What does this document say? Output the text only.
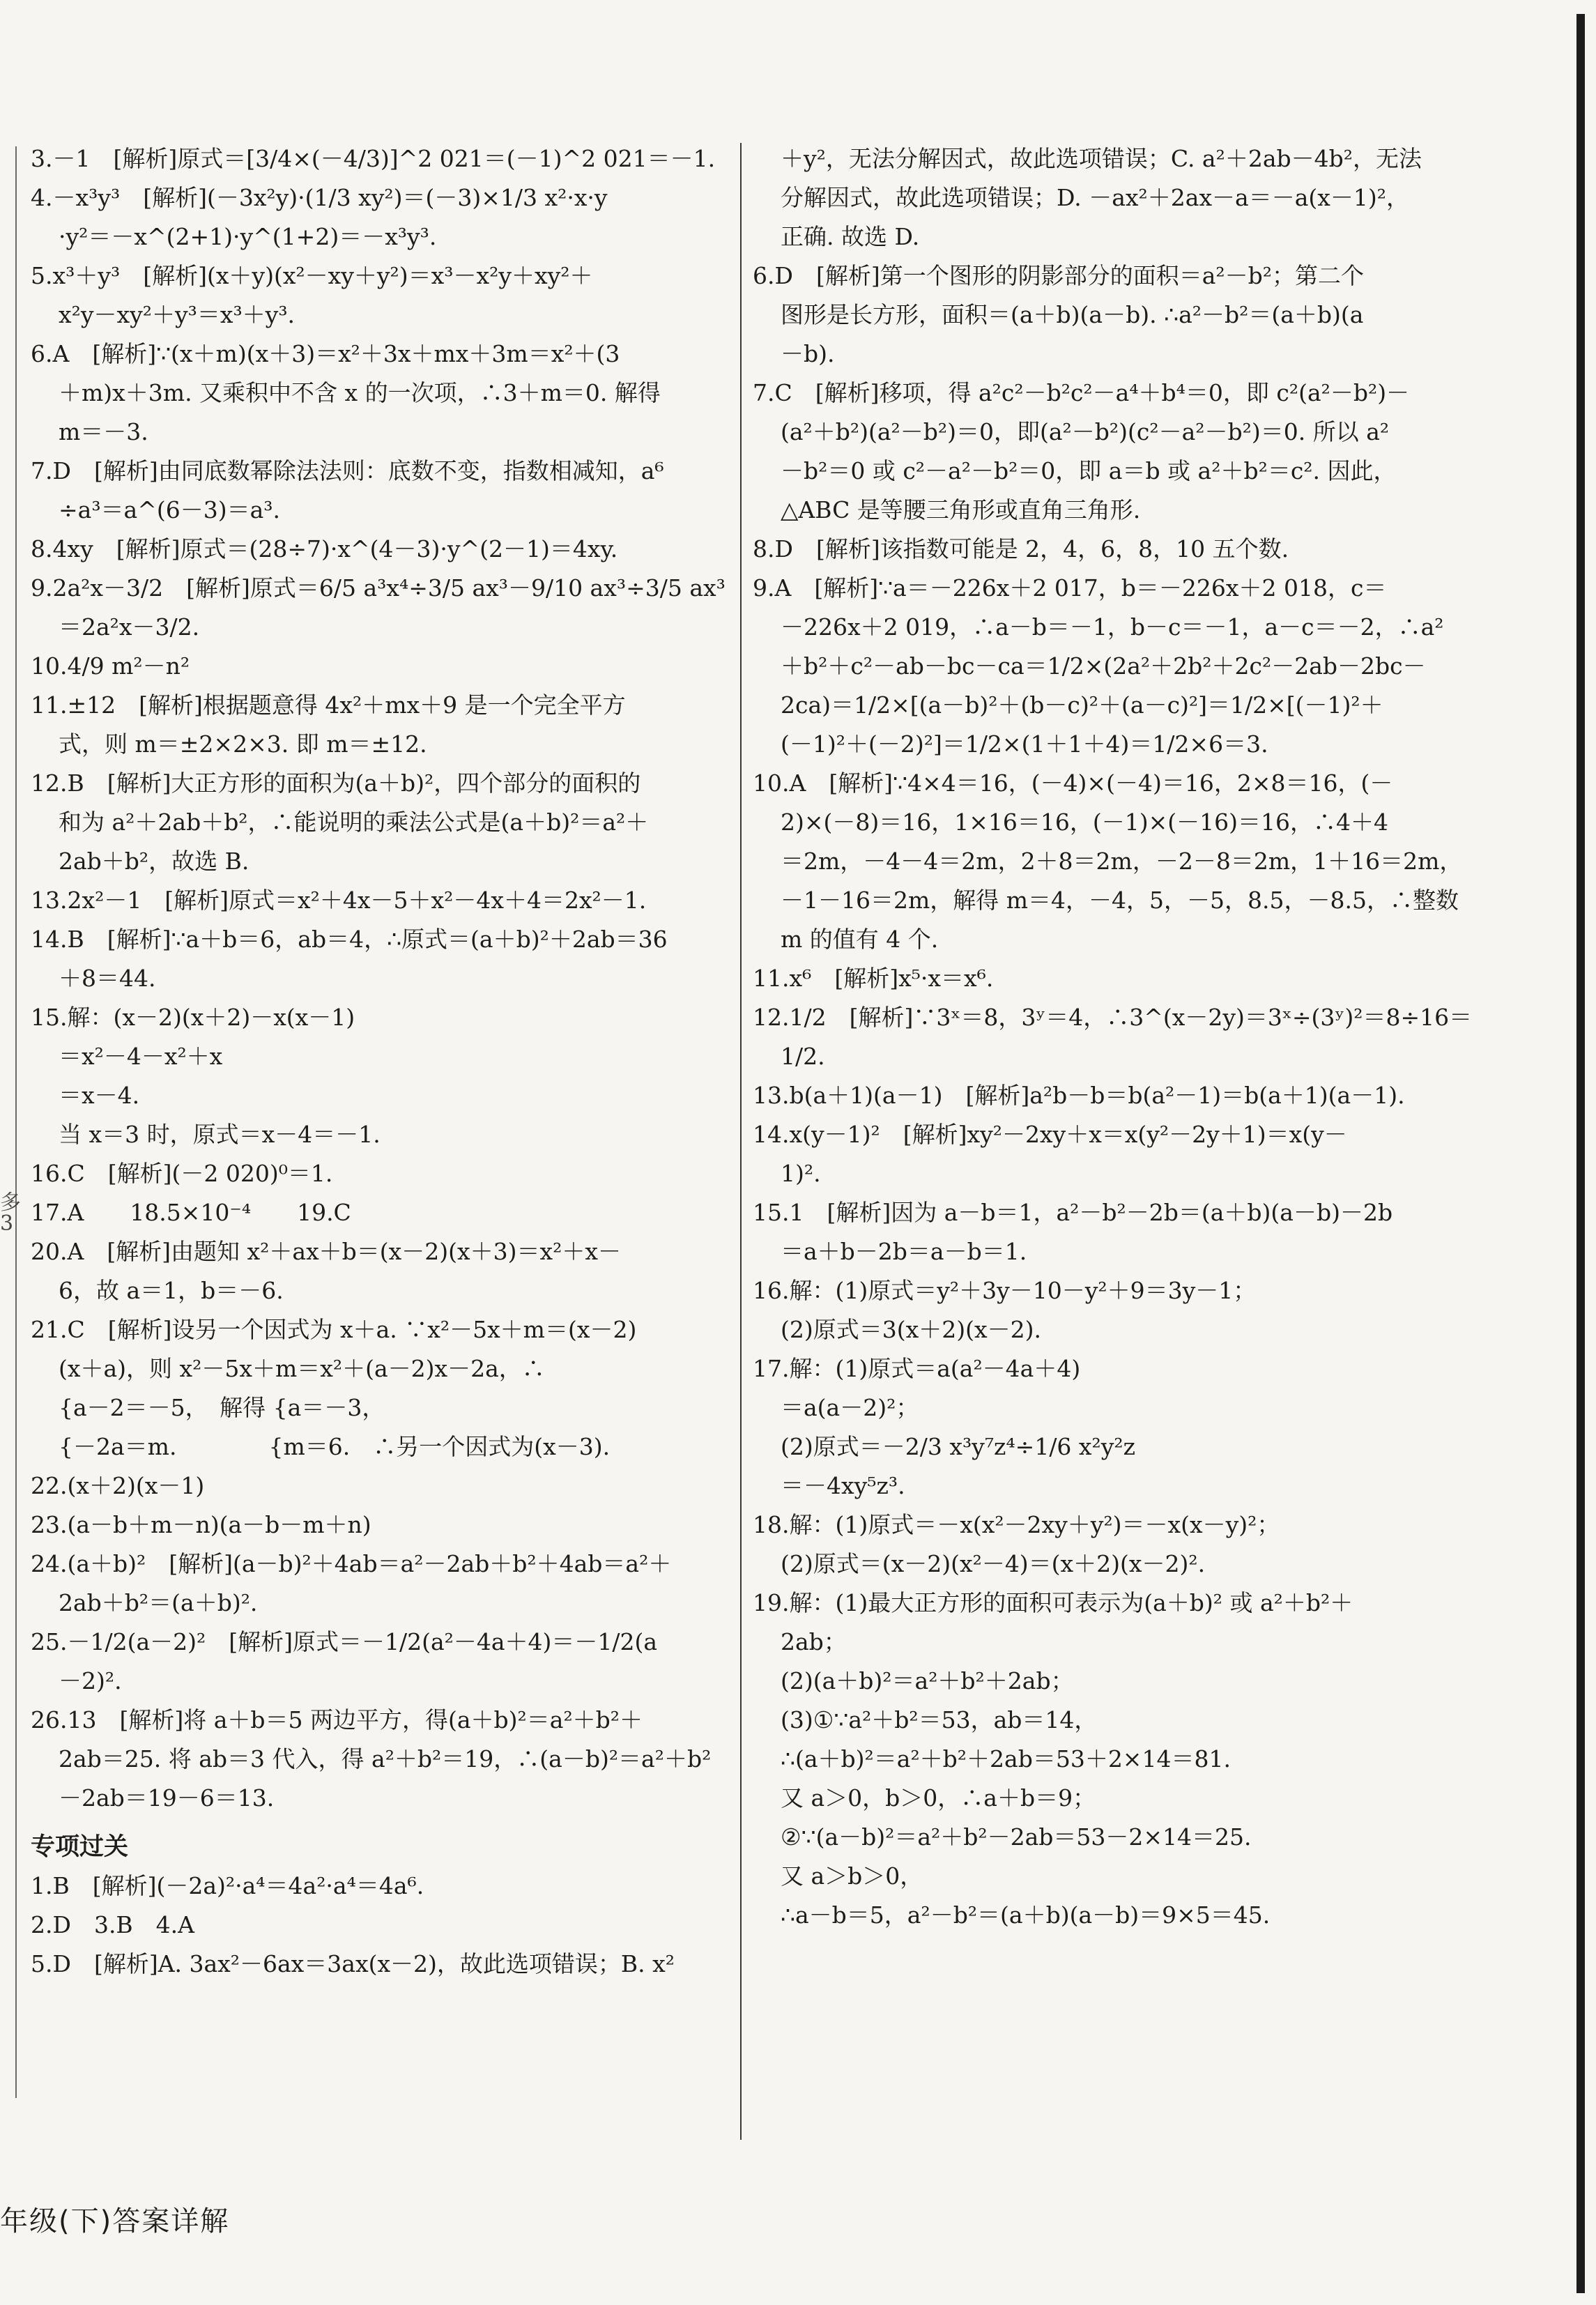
多
3
3.－1　[解析]原式＝[3/4×(－4/3)]^2 021＝(－1)^2 021＝－1.
4.－x³y³　[解析](－3x²y)·(1/3 xy²)＝(－3)×1/3 x²·x·y
·y²＝－x^(2+1)·y^(1+2)＝－x³y³.
5.x³＋y³　[解析](x＋y)(x²－xy＋y²)＝x³－x²y＋xy²＋
x²y－xy²＋y³＝x³＋y³.
6.A　[解析]∵(x＋m)(x＋3)＝x²＋3x＋mx＋3m＝x²＋(3
＋m)x＋3m. 又乘积中不含 x 的一次项，∴3＋m＝0. 解得
m＝－3.
7.D　[解析]由同底数幂除法法则：底数不变，指数相减知，a⁶
÷a³＝a^(6－3)＝a³.
8.4xy　[解析]原式＝(28÷7)·x^(4－3)·y^(2－1)＝4xy.
9.2a²x－3/2　[解析]原式＝6/5 a³x⁴÷3/5 ax³－9/10 ax³÷3/5 ax³
＝2a²x－3/2.
10.4/9 m²－n²
11.±12　[解析]根据题意得 4x²＋mx＋9 是一个完全平方
式，则 m＝±2×2×3. 即 m＝±12.
12.B　[解析]大正方形的面积为(a＋b)²，四个部分的面积的
和为 a²＋2ab＋b²，∴能说明的乘法公式是(a＋b)²＝a²＋
2ab＋b²，故选 B.
13.2x²－1　[解析]原式＝x²＋4x－5＋x²－4x＋4＝2x²－1.
14.B　[解析]∵a＋b＝6，ab＝4，∴原式＝(a＋b)²＋2ab＝36
＋8＝44.
15.解：(x－2)(x＋2)－x(x－1)
＝x²－4－x²＋x
＝x－4.
当 x＝3 时，原式＝x－4＝－1.
16.C　[解析](－2 020)⁰＝1.
17.A　　18.5×10⁻⁴　　19.C
20.A　[解析]由题知 x²＋ax＋b＝(x－2)(x＋3)＝x²＋x－
6，故 a＝1，b＝－6.
21.C　[解析]设另一个因式为 x＋a. ∵x²－5x＋m＝(x－2)
(x＋a)，则 x²－5x＋m＝x²＋(a－2)x－2a，∴
{a－2＝－5，　解得 {a＝－3，
{－2a＝m.　　　　{m＝6.　∴另一个因式为(x－3).
22.(x＋2)(x－1)
23.(a－b＋m－n)(a－b－m＋n)
24.(a＋b)²　[解析](a－b)²＋4ab＝a²－2ab＋b²＋4ab＝a²＋
2ab＋b²＝(a＋b)².
25.－1/2(a－2)²　[解析]原式＝－1/2(a²－4a＋4)＝－1/2(a
－2)².
26.13　[解析]将 a＋b＝5 两边平方，得(a＋b)²＝a²＋b²＋
2ab＝25. 将 ab＝3 代入，得 a²＋b²＝19，∴(a－b)²＝a²＋b²
－2ab＝19－6＝13.
专项过关
1.B　[解析](－2a)²·a⁴＝4a²·a⁴＝4a⁶.
2.D　3.B　4.A
5.D　[解析]A. 3ax²－6ax＝3ax(x－2)，故此选项错误；B. x²
＋y²，无法分解因式，故此选项错误；C. a²＋2ab－4b²，无法
分解因式，故此选项错误；D. －ax²＋2ax－a＝－a(x－1)²，
正确. 故选 D.
6.D　[解析]第一个图形的阴影部分的面积＝a²－b²；第二个
图形是长方形，面积＝(a＋b)(a－b). ∴a²－b²＝(a＋b)(a
－b).
7.C　[解析]移项，得 a²c²－b²c²－a⁴＋b⁴＝0，即 c²(a²－b²)－
(a²＋b²)(a²－b²)＝0，即(a²－b²)(c²－a²－b²)＝0. 所以 a²
－b²＝0 或 c²－a²－b²＝0，即 a＝b 或 a²＋b²＝c². 因此，
△ABC 是等腰三角形或直角三角形.
8.D　[解析]该指数可能是 2，4，6，8，10 五个数.
9.A　[解析]∵a＝－226x＋2 017，b＝－226x＋2 018，c＝
－226x＋2 019，∴a－b＝－1，b－c＝－1，a－c＝－2，∴a²
＋b²＋c²－ab－bc－ca＝1/2×(2a²＋2b²＋2c²－2ab－2bc－
2ca)＝1/2×[(a－b)²＋(b－c)²＋(a－c)²]＝1/2×[(－1)²＋
(－1)²＋(－2)²]＝1/2×(1＋1＋4)＝1/2×6＝3.
10.A　[解析]∵4×4＝16，(－4)×(－4)＝16，2×8＝16，(－
2)×(－8)＝16，1×16＝16，(－1)×(－16)＝16，∴4＋4
＝2m，－4－4＝2m，2＋8＝2m，－2－8＝2m，1＋16＝2m，
－1－16＝2m，解得 m＝4，－4，5，－5，8.5，－8.5，∴整数
m 的值有 4 个.
11.x⁶　[解析]x⁵·x＝x⁶.
12.1/2　[解析]∵3ˣ＝8，3ʸ＝4，∴3^(x－2y)＝3ˣ÷(3ʸ)²＝8÷16＝
1/2.
13.b(a＋1)(a－1)　[解析]a²b－b＝b(a²－1)＝b(a＋1)(a－1).
14.x(y－1)²　[解析]xy²－2xy＋x＝x(y²－2y＋1)＝x(y－
1)².
15.1　[解析]因为 a－b＝1，a²－b²－2b＝(a＋b)(a－b)－2b
＝a＋b－2b＝a－b＝1.
16.解：(1)原式＝y²＋3y－10－y²＋9＝3y－1；
(2)原式＝3(x＋2)(x－2).
17.解：(1)原式＝a(a²－4a＋4)
＝a(a－2)²；
(2)原式＝－2/3 x³y⁷z⁴÷1/6 x²y²z
＝－4xy⁵z³.
18.解：(1)原式＝－x(x²－2xy＋y²)＝－x(x－y)²；
(2)原式＝(x－2)(x²－4)＝(x＋2)(x－2)².
19.解：(1)最大正方形的面积可表示为(a＋b)² 或 a²＋b²＋
2ab；
(2)(a＋b)²＝a²＋b²＋2ab；
(3)①∵a²＋b²＝53，ab＝14，
∴(a＋b)²＝a²＋b²＋2ab＝53＋2×14＝81.
又 a＞0，b＞0，∴a＋b＝9；
②∵(a－b)²＝a²＋b²－2ab＝53－2×14＝25.
又 a＞b＞0，
∴a－b＝5，a²－b²＝(a＋b)(a－b)＝9×5＝45.
年级(下)答案详解
